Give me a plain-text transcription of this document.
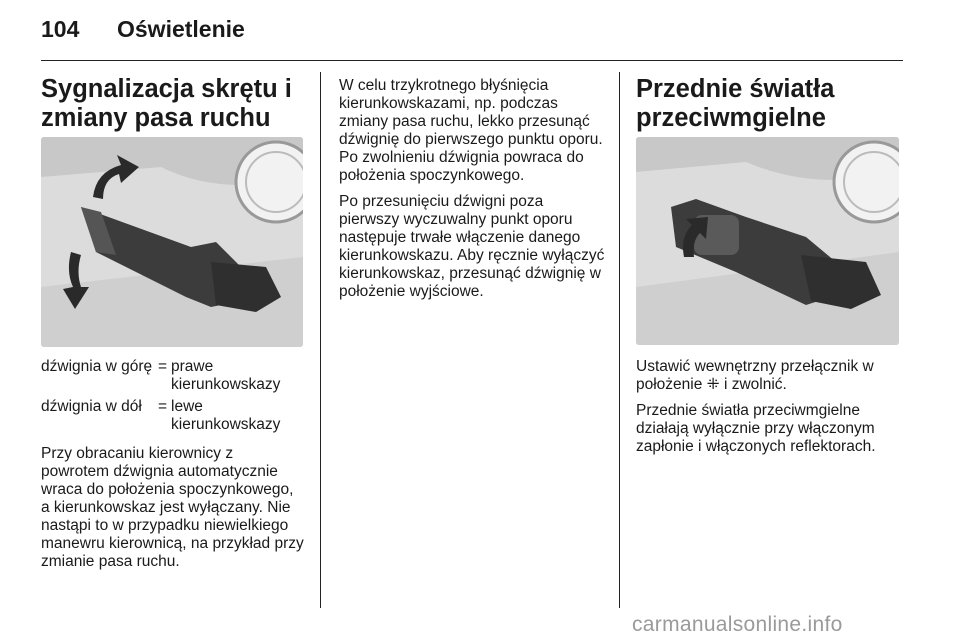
104 Oświetlenie
Sygnalizacja skrętu i zmiany pasa ruchu
dźwignia w górę = prawe kierunkowskazy
dźwignia w dół	= lewe kierunkowskazy

Przy obracaniu kierownicy z powrotem dźwignia automatycznie wraca do położenia spoczynkowego, a kierunkowskaz jest wyłączany. Nie nastąpi to w przypadku niewielkiego manewru kierownicą, na przykład przy zmianie pasa ruchu.

W celu trzykrotnego błyśnięcia kierunkowskazami, np. podczas zmiany pasa ruchu, lekko przesunąć dźwignię do pierwszego punktu oporu. Po zwolnieniu dźwignia powraca do położenia spoczynkowego.

Po przesunięciu dźwigni poza pierwszy wyczuwalny punkt oporu następuje trwałe włączenie danego kierunkowskazu. Aby ręcznie wyłączyć kierunkowskaz, przesunąć dźwignię w położenie wyjściowe.

Przednie światła przeciwmgielne

Ustawić wewnętrzny przełącznik w położenie ⁜ i zwolnić.

Przednie światła przeciwmgielne działają wyłącznie przy włączonym zapłonie i włączonych reflektorach.

carmanualsonline.info
